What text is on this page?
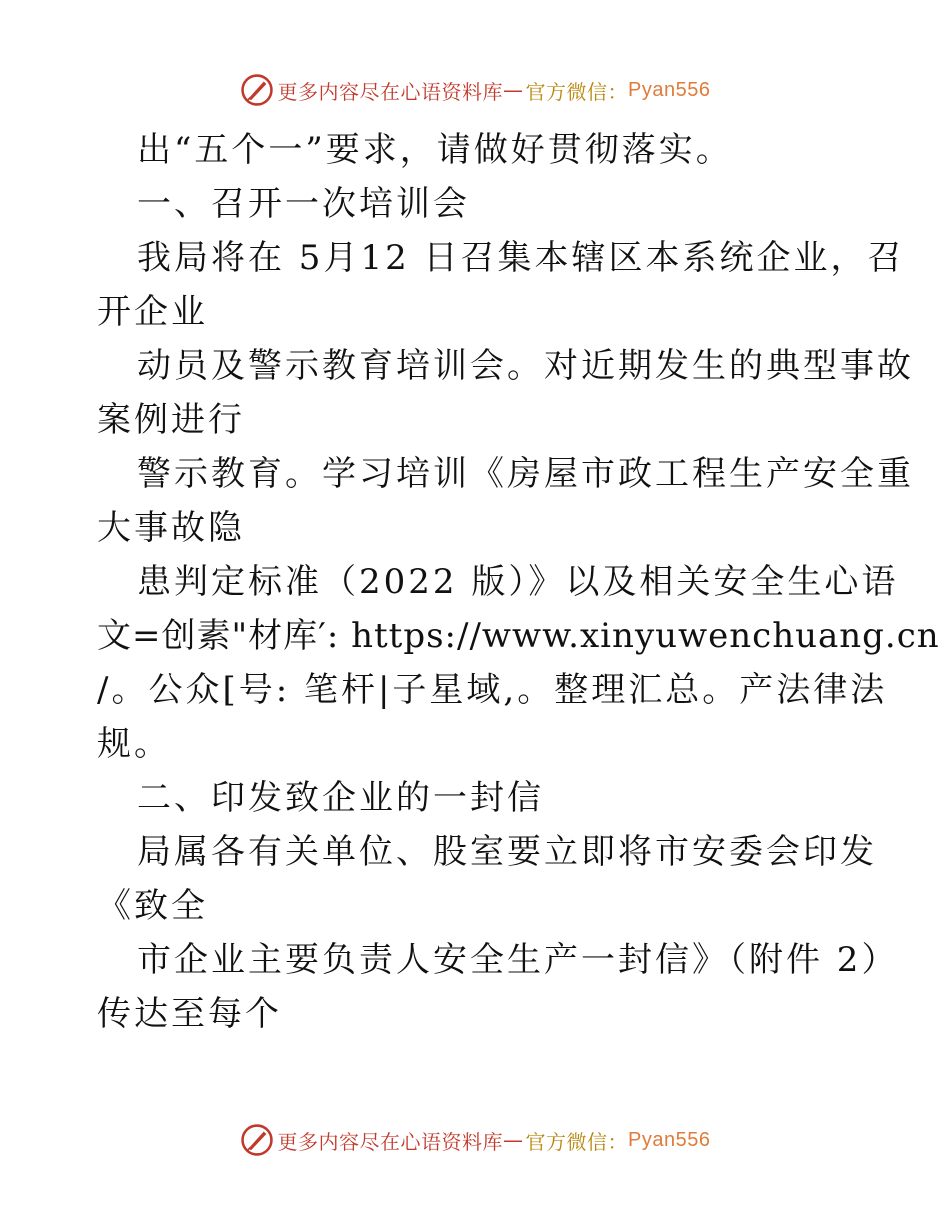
更多内容尽在心语资料库 — 官方微信： Pyan556
出“五个一”要求，请做好贯彻落实。
一、召开一次培训会
我局将在 5月12 日召集本辖区本系统企业，召
开企业
动员及警示教育培训会。对近期发生的典型事故
案例进行
警示教育。学习培训《房屋市政工程生产安全重
大事故隐
患判定标准（2022 版）》以及相关安全生心语
文=创素"材库′: https://www.xinyuwenchuang.cn
/。公众[号: 笔杆|子星域,。整理汇总。产法律法
规。
二、印发致企业的一封信
局属各有关单位、股室要立即将市安委会印发
《致全
市企业主要负责人安全生产一封信》（附件 2）
传达至每个
更多内容尽在心语资料库 — 官方微信： Pyan556
